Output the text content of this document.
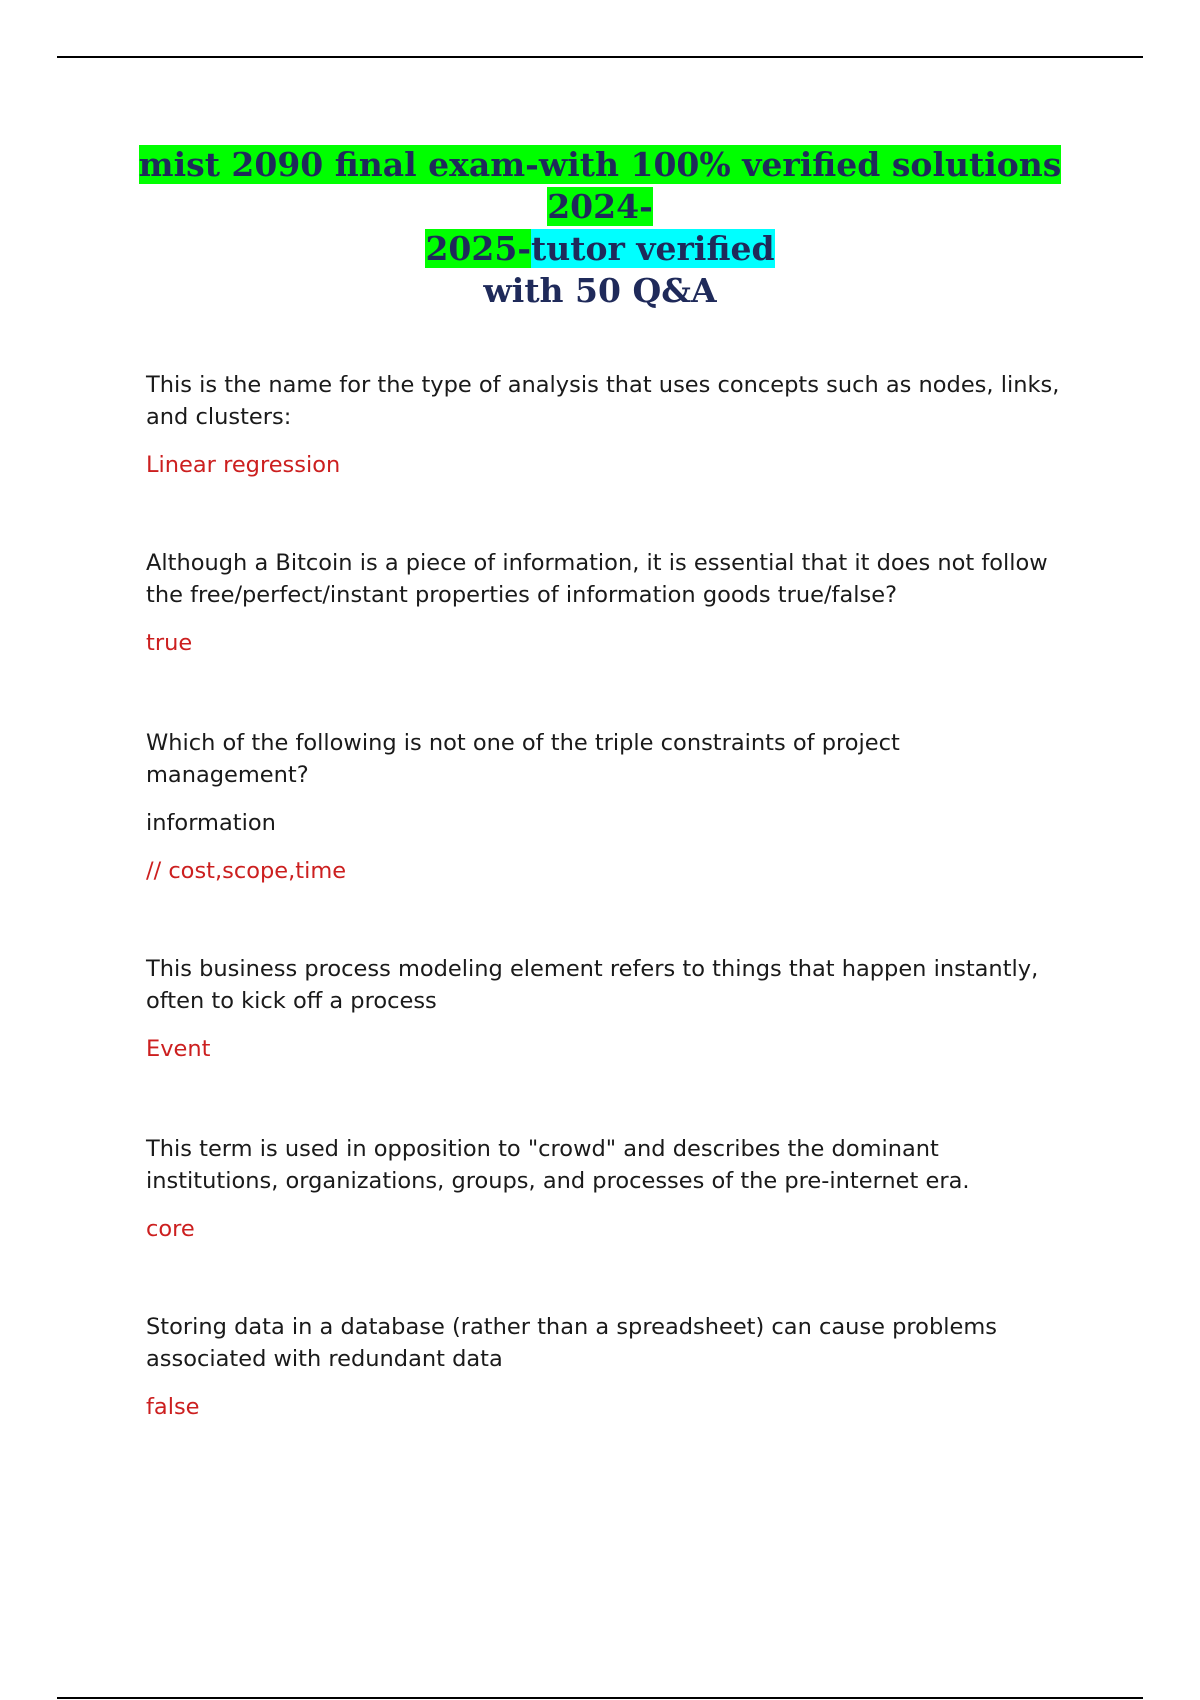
mist 2090 final exam-with 100% verified solutions 2024-
2025-tutor verified
with 50 Q&A

This is the name for the type of analysis that uses concepts such as nodes, links, and clusters:

Linear regression

Although a Bitcoin is a piece of information, it is essential that it does not follow the free/perfect/instant properties of information goods true/false?

true

Which of the following is not one of the triple constraints of project management?

information

// cost,scope,time

This business process modeling element refers to things that happen instantly, often to kick off a process

Event

This term is used in opposition to "crowd" and describes the dominant institutions, organizations, groups, and processes of the pre-internet era.

core

Storing data in a database (rather than a spreadsheet) can cause problems associated with redundant data

false
